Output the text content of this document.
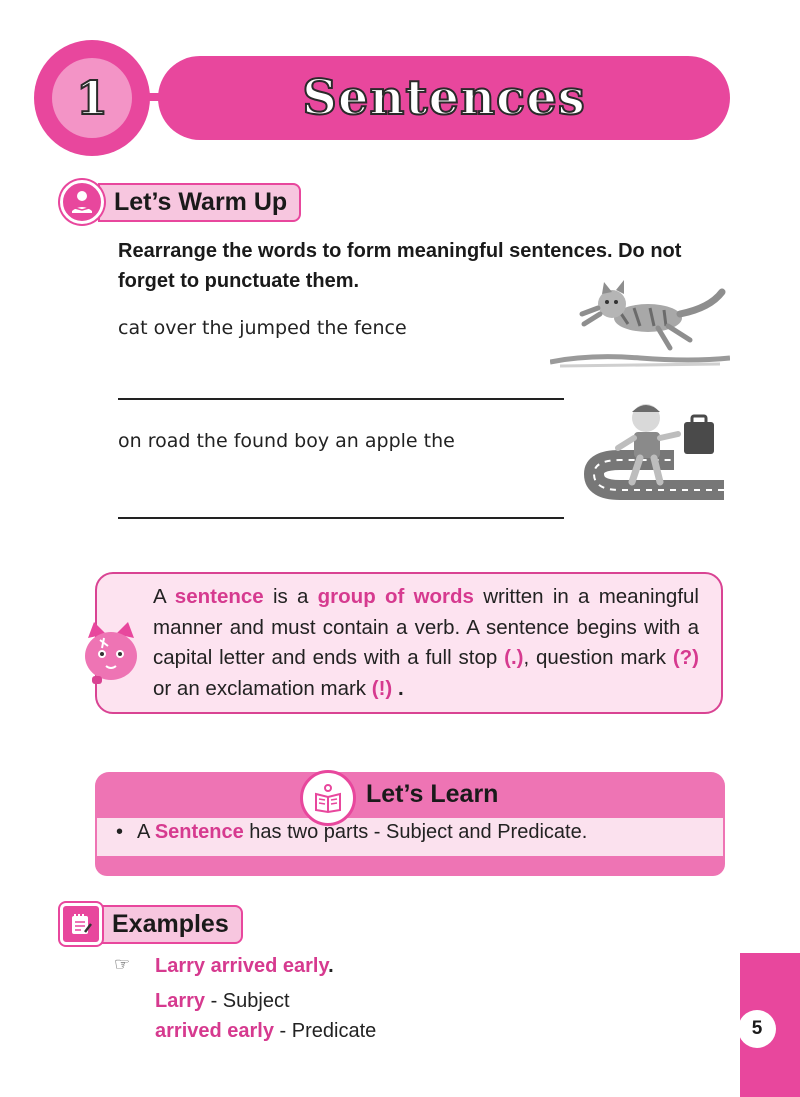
1	Sentences
Let’s Warm Up
Rearrange the words to form meaningful sentences. Do not forget to punctuate them.
cat over the jumped the fence
on road the found boy an apple the
A sentence is a group of words written in a meaningful manner and must contain a verb. A sentence begins with a capital letter and ends with a full stop (.), question mark (?) or an exclamation mark (!) .
Let’s Learn
• A Sentence has two parts - Subject and Predicate.
Examples
☞ Larry arrived early.
Larry - Subject
arrived early - Predicate	5
